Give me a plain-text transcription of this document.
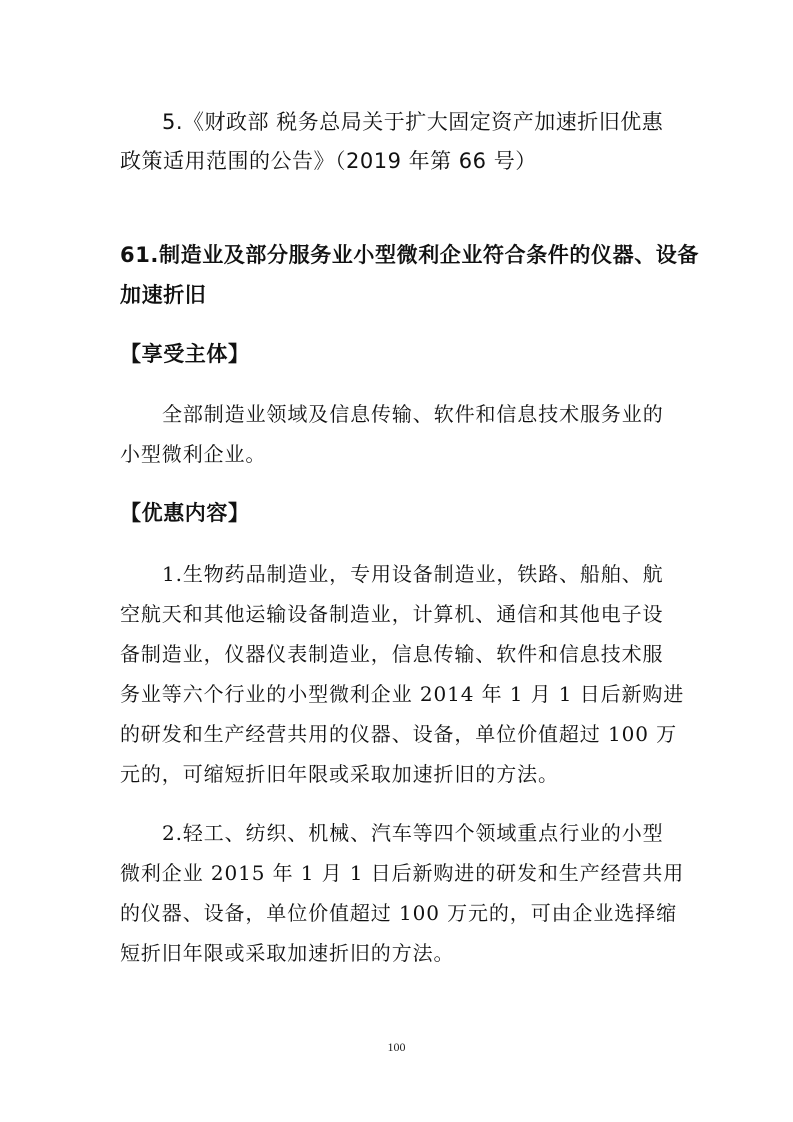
5.《财政部 税务总局关于扩大固定资产加速折旧优惠
政策适用范围的公告》（2019 年第 66 号）
61.制造业及部分服务业小型微利企业符合条件的仪器、设备
加速折旧
【享受主体】
全部制造业领域及信息传输、软件和信息技术服务业的
小型微利企业。
【优惠内容】
1.生物药品制造业，专用设备制造业，铁路、船舶、航
空航天和其他运输设备制造业，计算机、通信和其他电子设
备制造业，仪器仪表制造业，信息传输、软件和信息技术服
务业等六个行业的小型微利企业 2014 年 1 月 1 日后新购进
的研发和生产经营共用的仪器、设备，单位价值超过 100 万
元的，可缩短折旧年限或采取加速折旧的方法。
2.轻工、纺织、机械、汽车等四个领域重点行业的小型
微利企业 2015 年 1 月 1 日后新购进的研发和生产经营共用
的仪器、设备，单位价值超过 100 万元的，可由企业选择缩
短折旧年限或采取加速折旧的方法。
100
